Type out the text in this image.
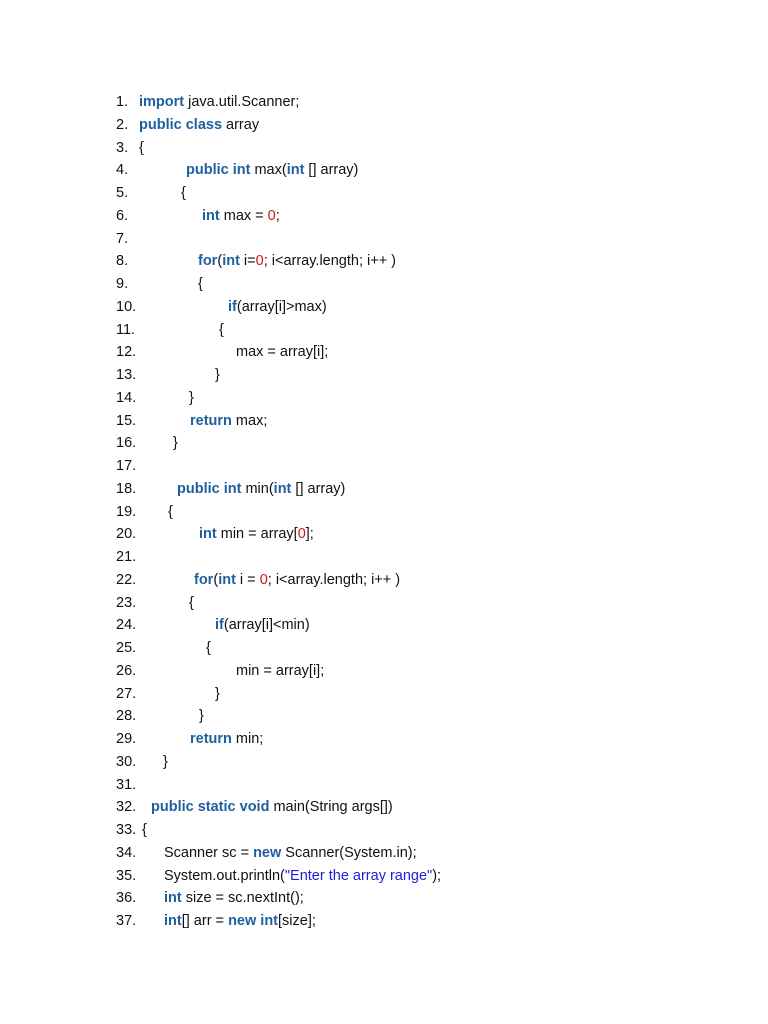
1. import java.util.Scanner;
2. public class array
3. {
4.	public int max(int [] array)
5.	{
6.	int max = 0;
7.
8.	for(int i=0; i<array.length; i++ )
9.	{
10.	if(array[i]>max)
11.	{
12.	max = array[i];
13.	}
14.	}
15.	return max;
16.	}
17.
18.	public int min(int [] array)
19. {
20.	int min = array[0];
21.
22.	for(int i = 0; i<array.length; i++ )
23.	{
24.	if(array[i]<min)
25.	{
26.	min = array[i];
27.	}
28.	}
29.	return min;
30. }
31.
32. public static void main(String args[])
33. {
34. Scanner sc = new Scanner(System.in);
35. System.out.println("Enter the array range");
36. int size = sc.nextInt();
37. int[] arr = new int[size];
